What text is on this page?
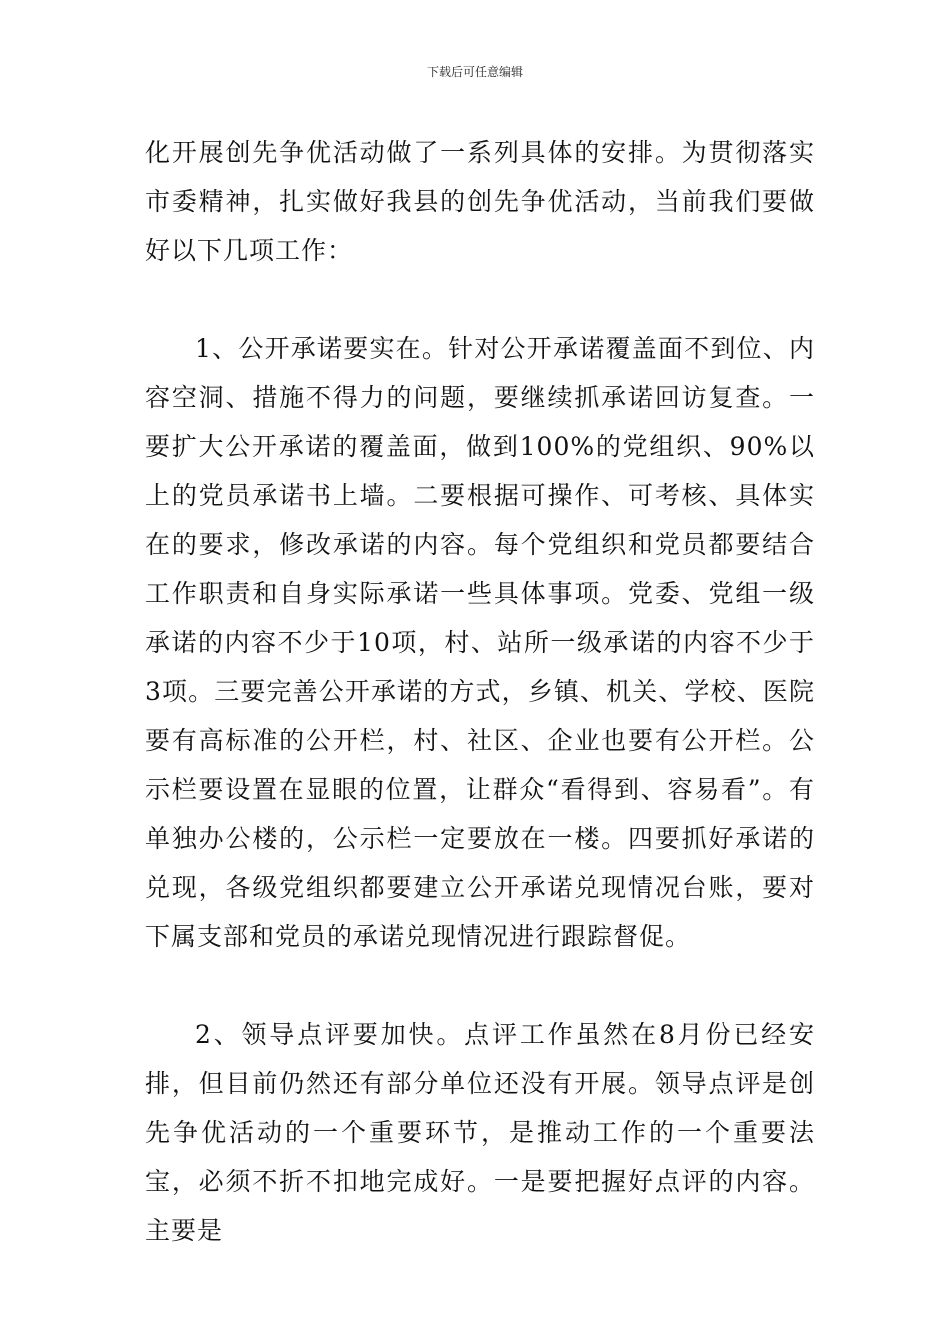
下载后可任意编辑

化开展创先争优活动做了一系列具体的安排。为贯彻落实市委精神，扎实做好我县的创先争优活动，当前我们要做好以下几项工作：

1、公开承诺要实在。针对公开承诺覆盖面不到位、内容空洞、措施不得力的问题，要继续抓承诺回访复查。一要扩大公开承诺的覆盖面，做到100%的党组织、90%以上的党员承诺书上墙。二要根据可操作、可考核、具体实在的要求，修改承诺的内容。每个党组织和党员都要结合工作职责和自身实际承诺一些具体事项。党委、党组一级承诺的内容不少于10项，村、站所一级承诺的内容不少于3项。三要完善公开承诺的方式，乡镇、机关、学校、医院要有高标准的公开栏，村、社区、企业也要有公开栏。公示栏要设置在显眼的位置，让群众“看得到、容易看”。有单独办公楼的，公示栏一定要放在一楼。四要抓好承诺的兑现，各级党组织都要建立公开承诺兑现情况台账，要对下属支部和党员的承诺兑现情况进行跟踪督促。

2、领导点评要加快。点评工作虽然在8月份已经安排，但目前仍然还有部分单位还没有开展。领导点评是创先争优活动的一个重要环节，是推动工作的一个重要法宝，必须不折不扣地完成好。一是要把握好点评的内容。主要是
